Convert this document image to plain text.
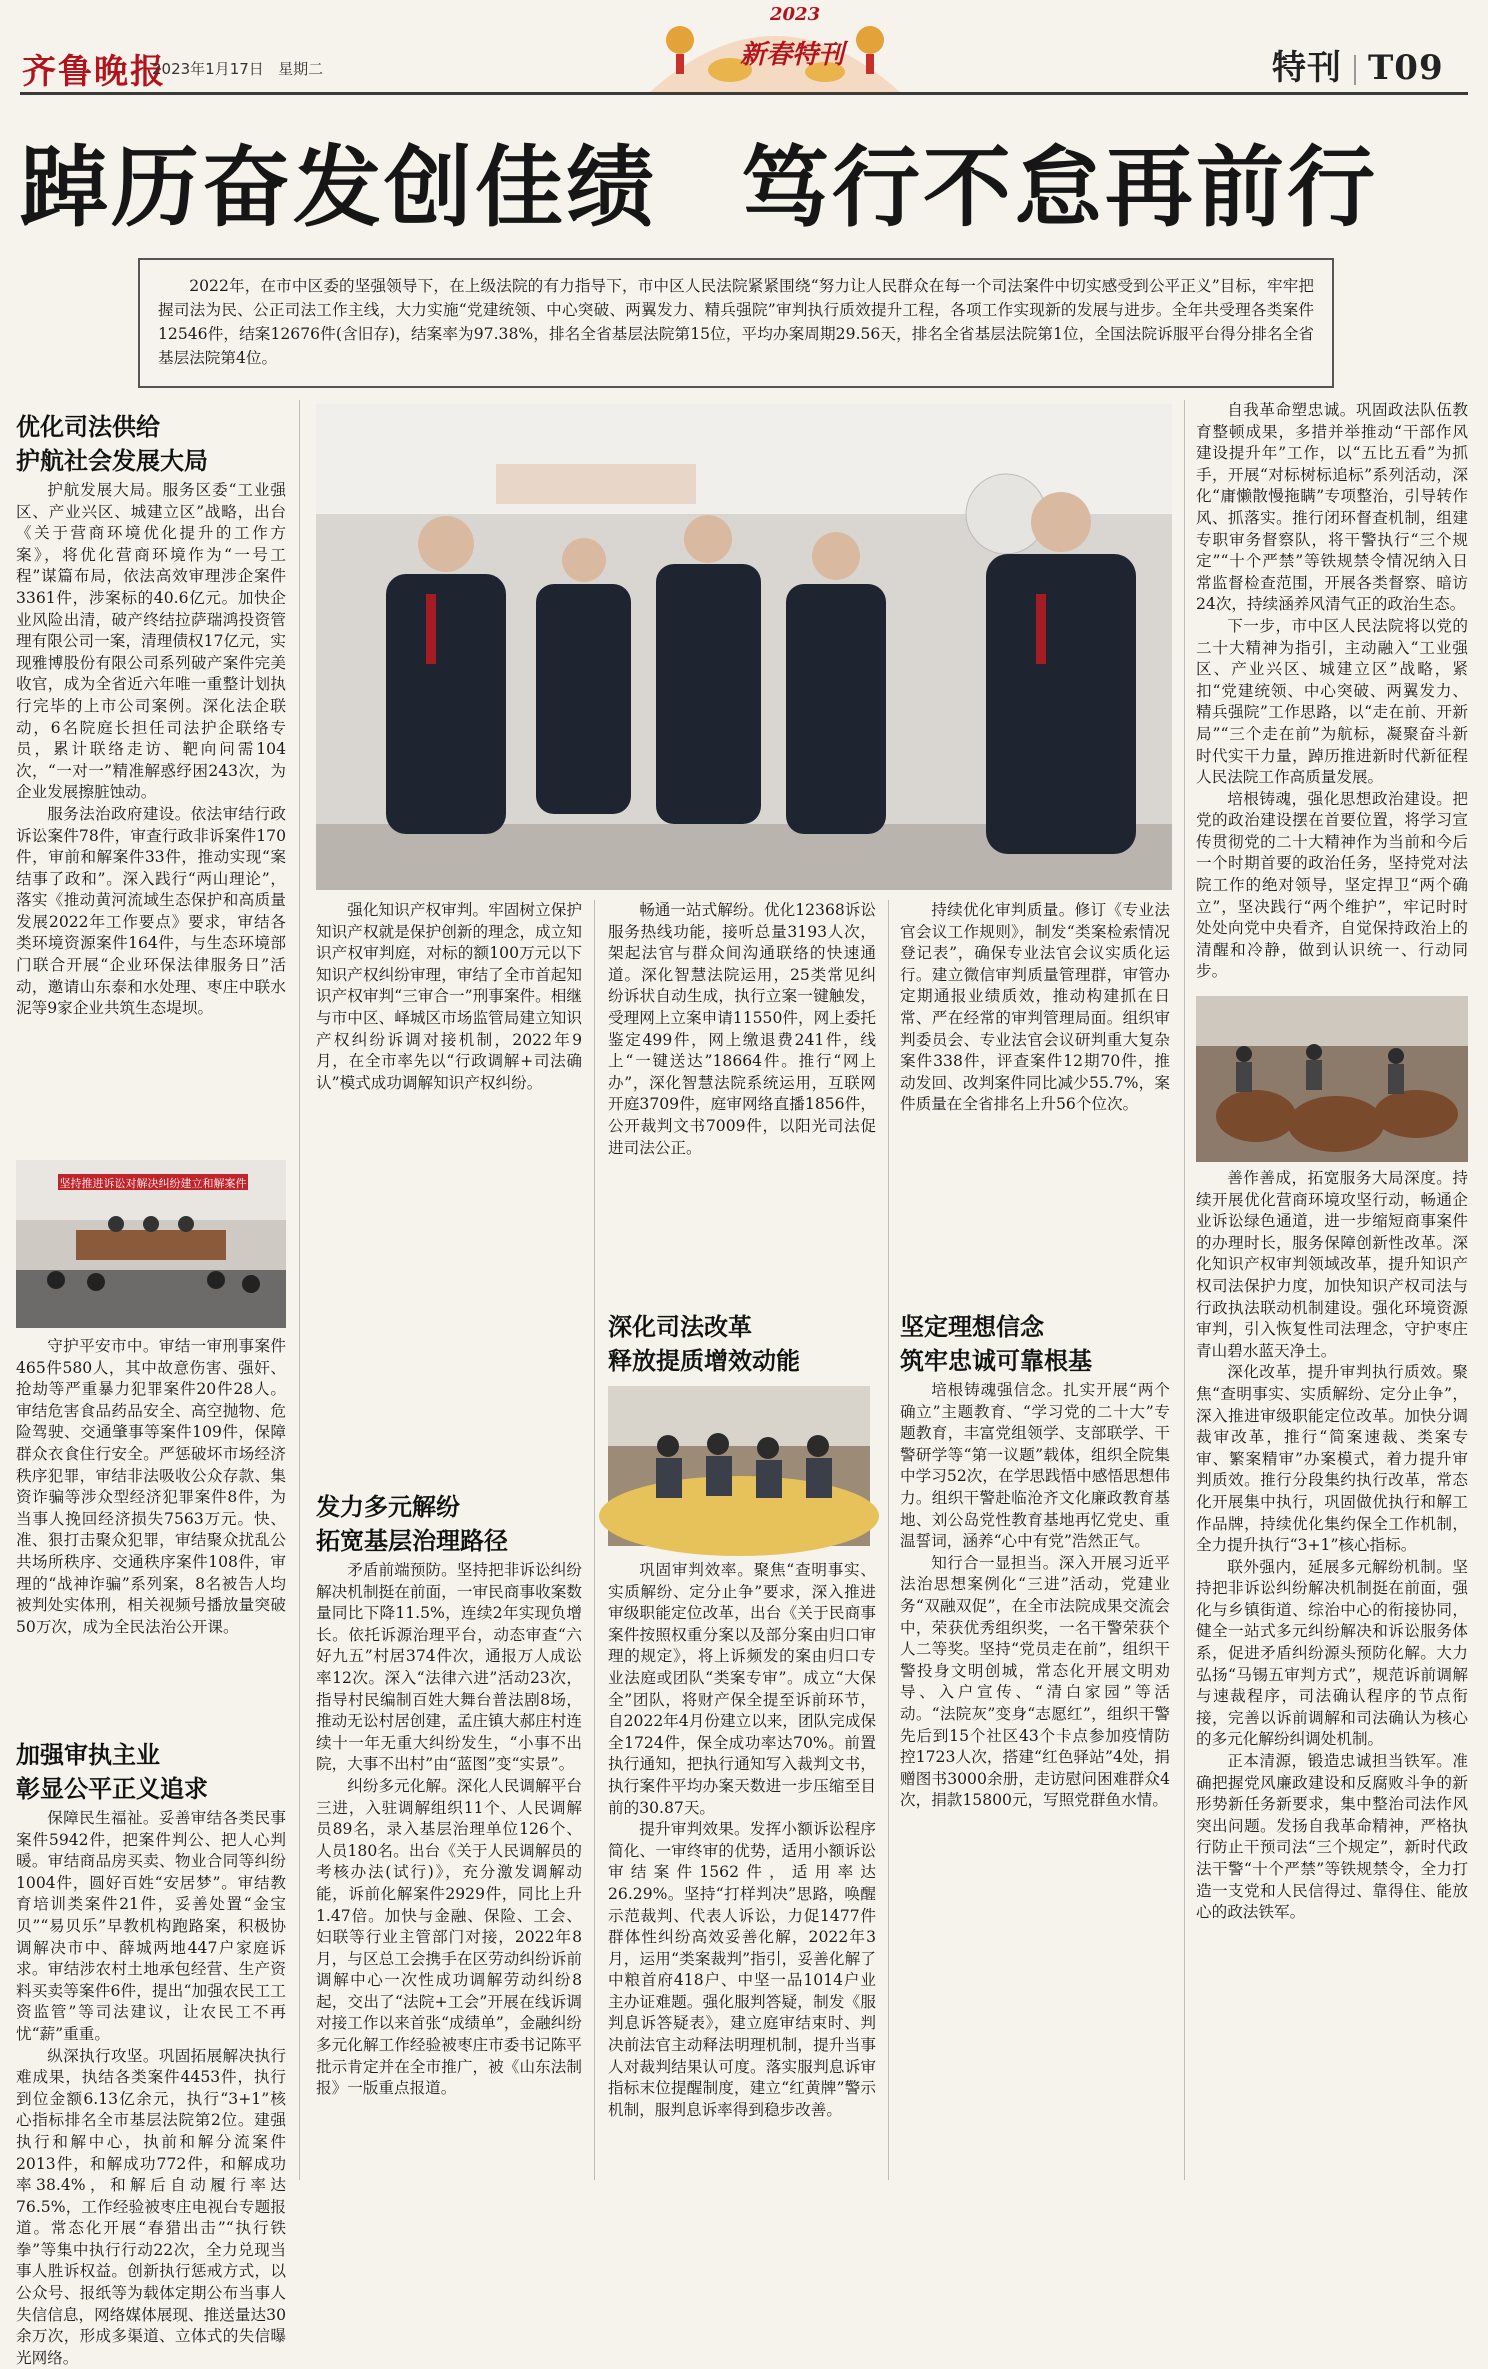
齐鲁晚报
2023年1月17日 星期二
2023
新春特刊	特刊 T09
踔历奋发创佳绩 笃行不怠再前行
2022年，在市中区委的坚强领导下，在上级法院的有力指导下，市中区人民法院紧紧围绕“努力让人民群众在每一个司法案件中切实感受到公平正义”目标，牢牢把握司法为民、公正司法工作主线，大力实施“党建统领、中心突破、两翼发力、精兵强院”审判执行质效提升工程，各项工作实现新的发展与进步。全年共受理各类案件12546件，结案12676件(含旧存)，结案率为97.38%，排名全省基层法院第15位，平均办案周期29.56天，排名全省基层法院第1位，全国法院诉服平台得分排名全省基层法院第4位。
优化司法供给
护航社会发展大局

护航发展大局。服务区委“工业强区、产业兴区、城建立区”战略，出台《关于营商环境优化提升的工作方案》，将优化营商环境作为“一号工程”谋篇布局，依法高效审理涉企案件3361件，涉案标的40.6亿元。加快企业风险出清，破产终结拉萨瑞鸿投资管理有限公司一案，清理债权17亿元，实现雅博股份有限公司系列破产案件完美收官，成为全省近六年唯一重整计划执行完毕的上市公司案例。深化法企联动，6名院庭长担任司法护企联络专员，累计联络走访、靶向问需104次，“一对一”精准解惑纾困243次，为企业发展擦脏蚀动。

服务法治政府建设。依法审结行政诉讼案件78件，审查行政非诉案件170件，审前和解案件33件，推动实现“案结事了政和”。深入践行“两山理论”，落实《推动黄河流域生态保护和高质量发展2022年工作要点》要求，审结各类环境资源案件164件，与生态环境部门联合开展“企业环保法律服务日”活动，邀请山东泰和水处理、枣庄中联水泥等9家企业共筑生态堤坝。

坚持推进诉讼对解决纠纷建立和解案件

守护平安市中。审结一审刑事案件465件580人，其中故意伤害、强奸、抢劫等严重暴力犯罪案件20件28人。审结危害食品药品安全、高空抛物、危险驾驶、交通肇事等案件109件，保障群众衣食住行安全。严惩破坏市场经济秩序犯罪，审结非法吸收公众存款、集资诈骗等涉众型经济犯罪案件8件，为当事人挽回经济损失7563万元。快、准、狠打击聚众犯罪，审结聚众扰乱公共场所秩序、交通秩序案件108件，审理的“战神诈骗”系列案，8名被告人均被判处实体刑，相关视频号播放量突破50万次，成为全民法治公开课。

加强审执主业
彰显公平正义追求

保障民生福祉。妥善审结各类民事案件5942件，把案件判公、把人心判暖。审结商品房买卖、物业合同等纠纷1004件，圆好百姓“安居梦”。审结教育培训类案件21件，妥善处置“金宝贝”“易贝乐”早教机构跑路案，积极协调解决市中、薛城两地447户家庭诉求。审结涉农村土地承包经营、生产资料买卖等案件6件，提出“加强农民工工资监管”等司法建议，让农民工不再忧“薪”重重。

纵深执行攻坚。巩固拓展解决执行难成果，执结各类案件4453件，执行到位金额6.13亿余元，执行“3+1”核心指标排名全市基层法院第2位。建强执行和解中心，执前和解分流案件2013件，和解成功772件，和解成功率38.4%，和解后自动履行率达76.5%，工作经验被枣庄电视台专题报道。常态化开展“春猎出击”“执行铁拳”等集中执行行动22次，全力兑现当事人胜诉权益。创新执行惩戒方式，以公众号、报纸等为载体定期公布当事人失信信息，网络媒体展现、推送量达30余万次，形成多渠道、立体式的失信曝光网络。

强化知识产权审判。牢固树立保护知识产权就是保护创新的理念，成立知识产权审判庭，对标的额100万元以下知识产权纠纷审理，审结了全市首起知识产权审判“三审合一”刑事案件。相继与市中区、峄城区市场监管局建立知识产权纠纷诉调对接机制，2022年9月，在全市率先以“行政调解+司法确认”模式成功调解知识产权纠纷。

发力多元解纷
拓宽基层治理路径

矛盾前端预防。坚持把非诉讼纠纷解决机制挺在前面，一审民商事收案数量同比下降11.5%，连续2年实现负增长。依托诉源治理平台，动态审查“六好九五”村居374件次，通报万人成讼率12次。深入“法律六进”活动23次，指导村民编制百姓大舞台普法剧8场，推动无讼村居创建，孟庄镇大郝庄村连续十一年无重大纠纷发生，“小事不出院，大事不出村”由“蓝图”变“实景”。

纠纷多元化解。深化人民调解平台三进，入驻调解组织11个、人民调解员89名，录入基层治理单位126个、人员180名。出台《关于人民调解员的考核办法(试行)》，充分激发调解动能，诉前化解案件2929件，同比上升1.47倍。加快与金融、保险、工会、妇联等行业主管部门对接，2022年8月，与区总工会携手在区劳动纠纷诉前调解中心一次性成功调解劳动纠纷8起，交出了“法院+工会”开展在线诉调对接工作以来首张“成绩单”，金融纠纷多元化解工作经验被枣庄市委书记陈平批示肯定并在全市推广，被《山东法制报》一版重点报道。

畅通一站式解纷。优化12368诉讼服务热线功能，接听总量3193人次，架起法官与群众间沟通联络的快速通道。深化智慧法院运用，25类常见纠纷诉状自动生成，执行立案一键触发，受理网上立案申请11550件，网上委托鉴定499件，网上缴退费241件，线上“一键送达”18664件。推行“网上办”，深化智慧法院系统运用，互联网开庭3709件，庭审网络直播1856件，公开裁判文书7009件，以阳光司法促进司法公正。

深化司法改革
释放提质增效动能

巩固审判效率。聚焦“查明事实、实质解纷、定分止争”要求，深入推进审级职能定位改革，出台《关于民商事案件按照权重分案以及部分案由归口审理的规定》，将上诉频发的案由归口专业法庭或团队“类案专审”。成立“大保全”团队，将财产保全提至诉前环节，自2022年4月份建立以来，团队完成保全1724件，保全成功率达70%。前置执行通知，把执行通知写入裁判文书，执行案件平均办案天数进一步压缩至目前的30.87天。

提升审判效果。发挥小额诉讼程序简化、一审终审的优势，适用小额诉讼审结案件1562件，适用率达26.29%。坚持“打样判决”思路，唤醒示范裁判、代表人诉讼，力促1477件群体性纠纷高效妥善化解，2022年3月，运用“类案裁判”指引，妥善化解了中粮首府418户、中坚一品1014户业主办证难题。强化服判答疑，制发《服判息诉答疑表》，建立庭审结束时、判决前法官主动释法明理机制，提升当事人对裁判结果认可度。落实服判息诉审指标末位提醒制度，建立“红黄牌”警示机制，服判息诉率得到稳步改善。

持续优化审判质量。修订《专业法官会议工作规则》，制发“类案检索情况登记表”，确保专业法官会议实质化运行。建立微信审判质量管理群，审管办定期通报业绩质效，推动构建抓在日常、严在经常的审判管理局面。组织审判委员会、专业法官会议研判重大复杂案件338件，评查案件12期70件，推动发回、改判案件同比减少55.7%，案件质量在全省排名上升56个位次。

坚定理想信念
筑牢忠诚可靠根基

培根铸魂强信念。扎实开展“两个确立”主题教育、“学习党的二十大”专题教育，丰富党组领学、支部联学、干警研学等“第一议题”载体，组织全院集中学习52次，在学思践悟中感悟思想伟力。组织干警赴临沧齐文化廉政教育基地、刘公岛党性教育基地再忆党史、重温誓词，涵养“心中有党”浩然正气。

知行合一显担当。深入开展习近平法治思想案例化“三进”活动，党建业务“双融双促”，在全市法院成果交流会中，荣获优秀组织奖，一名干警荣获个人二等奖。坚持“党员走在前”，组织干警投身文明创城，常态化开展文明劝导、入户宣传、“清白家园”等活动。“法院灰”变身“志愿红”，组织干警先后到15个社区43个卡点参加疫情防控1723人次，搭建“红色驿站”4处，捐赠图书3000余册，走访慰问困难群众4次，捐款15800元，写照党群鱼水情。

自我革命塑忠诚。巩固政法队伍教育整顿成果，多措并举推动“干部作风建设提升年”工作，以“五比五看”为抓手，开展“对标树标追标”系列活动，深化“庸懒散慢拖瞒”专项整治，引导转作风、抓落实。推行闭环督查机制，组建专职审务督察队，将干警执行“三个规定”“十个严禁”等铁规禁令情况纳入日常监督检查范围，开展各类督察、暗访24次，持续涵养风清气正的政治生态。

下一步，市中区人民法院将以党的二十大精神为指引，主动融入“工业强区、产业兴区、城建立区”战略，紧扣“党建统领、中心突破、两翼发力、精兵强院”工作思路，以“走在前、开新局”“三个走在前”为航标，凝聚奋斗新时代实干力量，踔历推进新时代新征程人民法院工作高质量发展。

培根铸魂，强化思想政治建设。把党的政治建设摆在首要位置，将学习宣传贯彻党的二十大精神作为当前和今后一个时期首要的政治任务，坚持党对法院工作的绝对领导，坚定捍卫“两个确立”，坚决践行“两个维护”，牢记时时处处向党中央看齐，自觉保持政治上的清醒和冷静，做到认识统一、行动同步。

善作善成，拓宽服务大局深度。持续开展优化营商环境攻坚行动，畅通企业诉讼绿色通道，进一步缩短商事案件的办理时长，服务保障创新性改革。深化知识产权审判领域改革，提升知识产权司法保护力度，加快知识产权司法与行政执法联动机制建设。强化环境资源审判，引入恢复性司法理念，守护枣庄青山碧水蓝天净土。

深化改革，提升审判执行质效。聚焦“查明事实、实质解纷、定分止争”，深入推进审级职能定位改革。加快分调裁审改革，推行“简案速裁、类案专审、繁案精审”办案模式，着力提升审判质效。推行分段集约执行改革，常态化开展集中执行，巩固做优执行和解工作品牌，持续优化集约保全工作机制，全力提升执行“3+1”核心指标。

联外强内，延展多元解纷机制。坚持把非诉讼纠纷解决机制挺在前面，强化与乡镇街道、综治中心的衔接协同，健全一站式多元纠纷解决和诉讼服务体系，促进矛盾纠纷源头预防化解。大力弘扬“马锡五审判方式”，规范诉前调解与速裁程序，司法确认程序的节点衔接，完善以诉前调解和司法确认为核心的多元化解纷纠调处机制。

正本清源，锻造忠诚担当铁军。准确把握党风廉政建设和反腐败斗争的新形势新任务新要求，集中整治司法作风突出问题。发扬自我革命精神，严格执行防止干预司法“三个规定”，新时代政法干警“十个严禁”等铁规禁令，全力打造一支党和人民信得过、靠得住、能放心的政法铁军。
